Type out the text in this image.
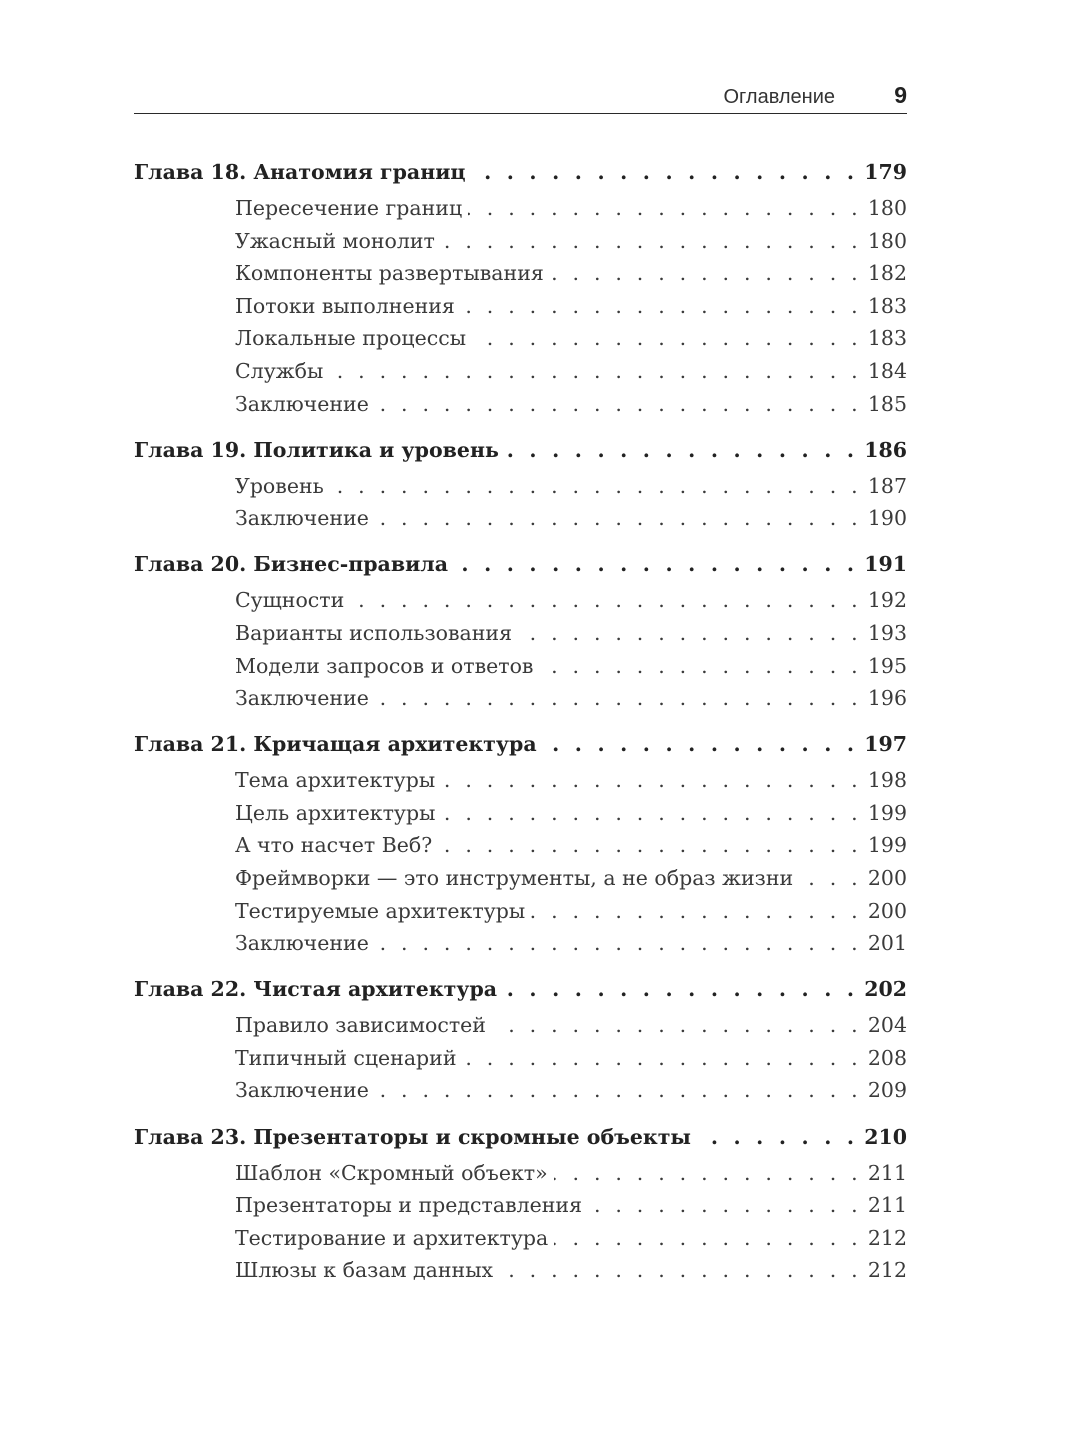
Оглавление	9
Глава 18. Анатомия границ . . .	179
Пересечение границ . . .	180
Ужасный монолит . . .	180
Компоненты развертывания . . .	182
Потоки выполнения . . .	183
Локальные процессы . . .	183
Службы . . .	184
Заключение . . .	185
Глава 19. Политика и уровень . . .	186
Уровень . . .	187
Заключение . . .	190
Глава 20. Бизнес-правила . . .	191
Сущности . . .	192
Варианты использования . . .	193
Модели запросов и ответов . . .	195
Заключение . . .	196
Глава 21. Кричащая архитектура . . .	197
Тема архитектуры . . .	198
Цель архитектуры . . .	199
А что насчет Веб? . . .	199
Фреймворки — это инструменты, а не образ жизни . . .	200
Тестируемые архитектуры . . .	200
Заключение . . .	201
Глава 22. Чистая архитектура . . .	202
Правило зависимостей . . .	204
Типичный сценарий . . .	208
Заключение . . .	209
Глава 23. Презентаторы и скромные объекты . . .	210
Шаблон «Скромный объект» . . .	211
Презентаторы и представления . . .	211
Тестирование и архитектура . . .	212
Шлюзы к базам данных . . .	212
